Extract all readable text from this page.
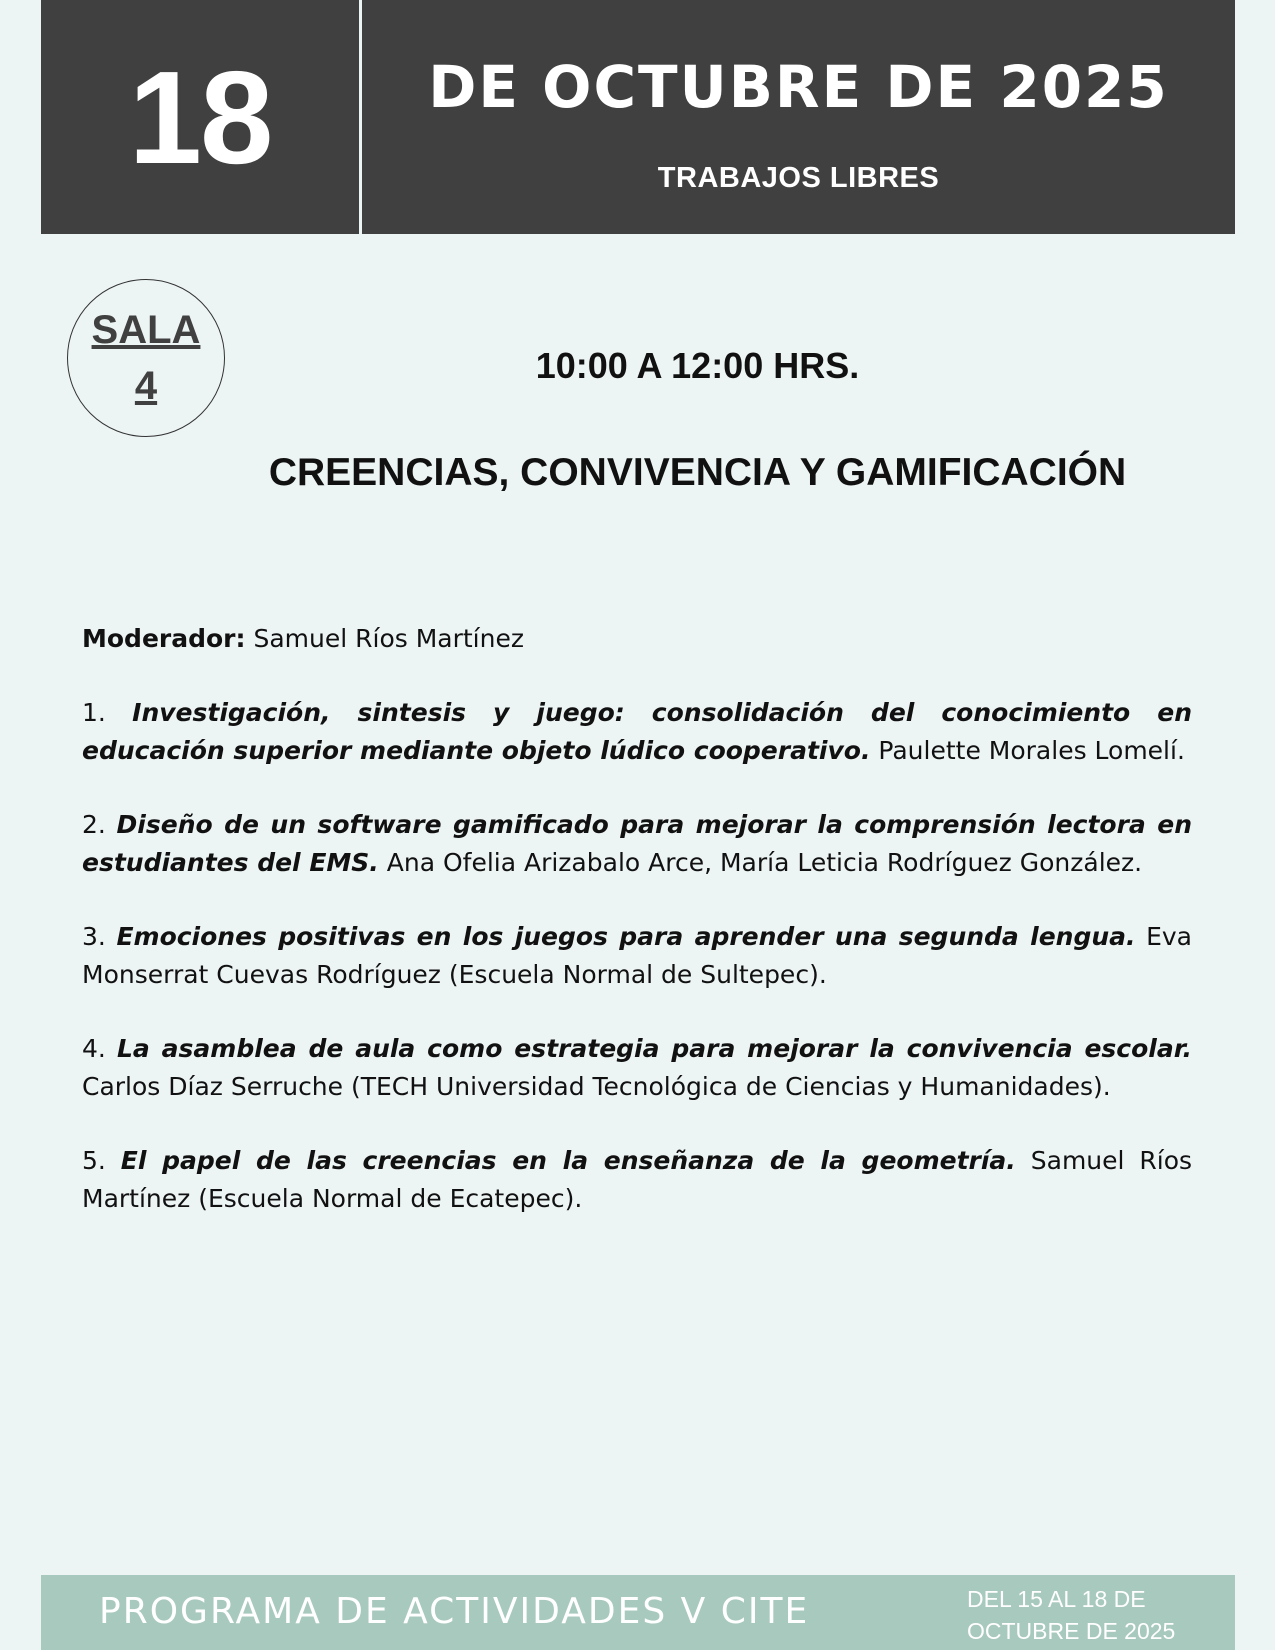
18	DE OCTUBRE DE 2025
TRABAJOS LIBRES
SALA
4	10:00 A 12:00 HRS.
CREENCIAS, CONVIVENCIA Y GAMIFICACIÓN

Moderador: Samuel Ríos Martínez

1. Investigación, sintesis y juego: consolidación del conocimiento en educación superior mediante objeto lúdico cooperativo. Paulette Morales Lomelí.

2. Diseño de un software gamificado para mejorar la comprensión lectora en estudiantes del EMS. Ana Ofelia Arizabalo Arce, María Leticia Rodríguez González.

3. Emociones positivas en los juegos para aprender una segunda lengua. Eva Monserrat Cuevas Rodríguez (Escuela Normal de Sultepec).

4. La asamblea de aula como estrategia para mejorar la convivencia escolar. Carlos Díaz Serruche (TECH Universidad Tecnológica de Ciencias y Humanidades).

5. El papel de las creencias en la enseñanza de la geometría. Samuel Ríos Martínez (Escuela Normal de Ecatepec).

PROGRAMA DE ACTIVIDADES V CITE	DEL 15 AL 18 DE
OCTUBRE DE 2025
